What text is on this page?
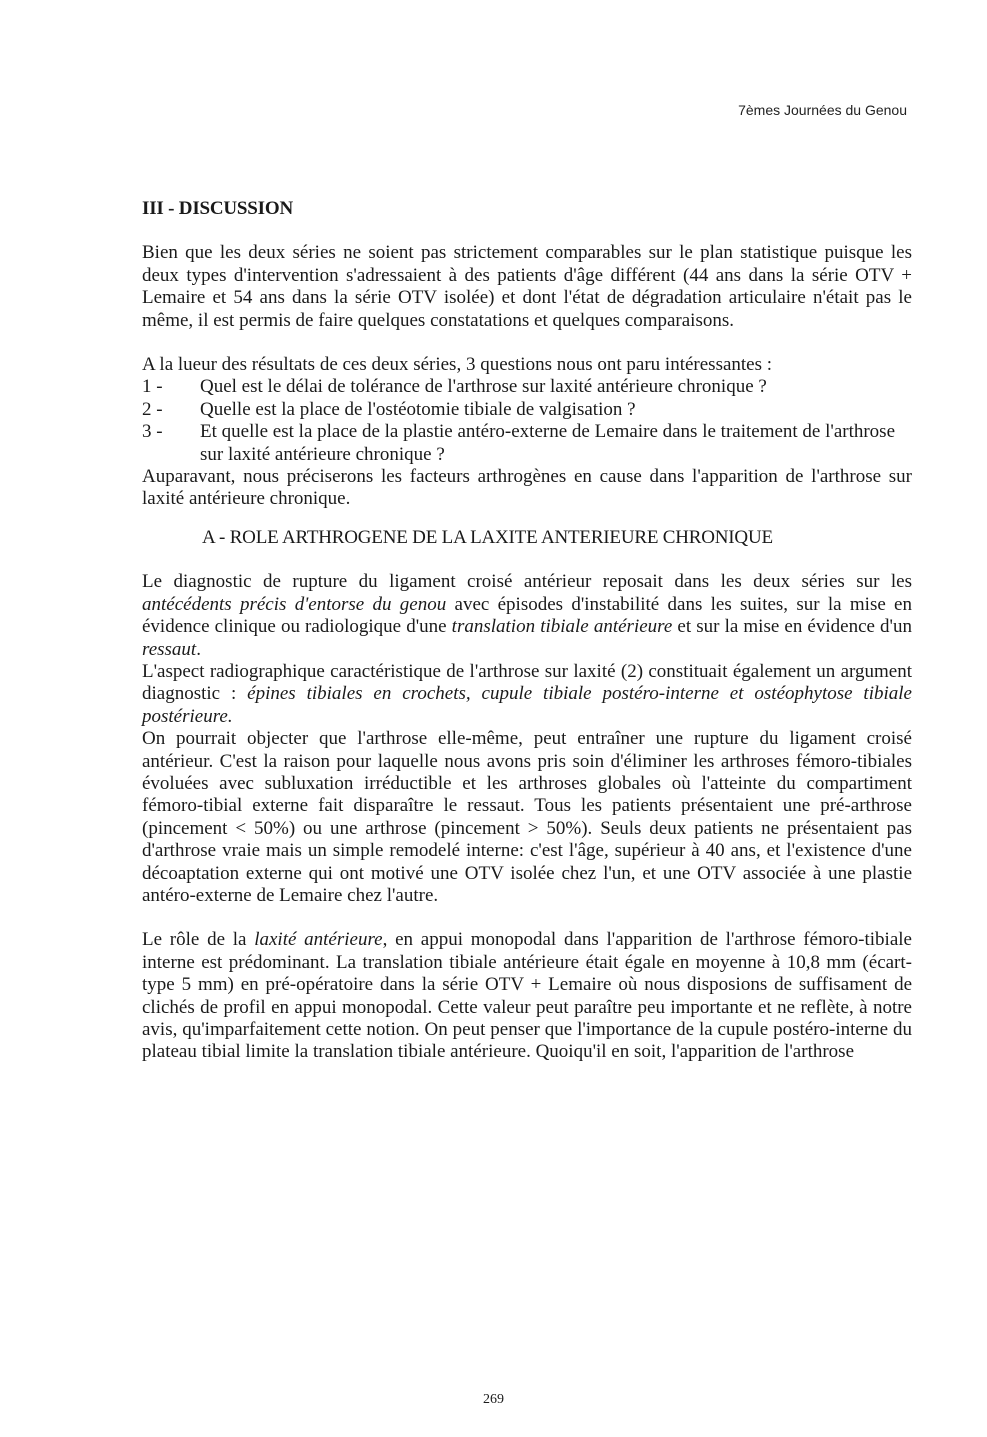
7èmes Journées du Genou
III - DISCUSSION

Bien que les deux séries ne soient pas strictement comparables sur le plan statistique puisque les deux types d'intervention s'adressaient à des patients d'âge différent (44 ans dans la série OTV + Lemaire et 54 ans dans la série OTV isolée) et dont l'état de dégradation articulaire n'était pas le même, il est permis de faire quelques constatations et quelques comparaisons.

A la lueur des résultats de ces deux séries, 3 questions nous ont paru intéressantes :

1 -	Quel est le délai de tolérance de l'arthrose sur laxité antérieure chronique ?
2 -	Quelle est la place de l'ostéotomie tibiale de valgisation ?
3 -	Et quelle est la place de la plastie antéro-externe de Lemaire dans le traitement de l'arthrose sur laxité antérieure chronique ?

Auparavant, nous préciserons les facteurs arthrogènes en cause dans l'apparition de l'arthrose sur laxité antérieure chronique.

A - ROLE ARTHROGENE DE LA LAXITE ANTERIEURE CHRONIQUE

Le diagnostic de rupture du ligament croisé antérieur reposait dans les deux séries sur les antécédents précis d'entorse du genou avec épisodes d'instabilité dans les suites, sur la mise en évidence clinique ou radiologique d'une translation tibiale antérieure et sur la mise en évidence d'un ressaut.

L'aspect radiographique caractéristique de l'arthrose sur laxité (2) constituait également un argument diagnostic : épines tibiales en crochets, cupule tibiale postéro-interne et ostéophytose tibiale postérieure.

On pourrait objecter que l'arthrose elle-même, peut entraîner une rupture du ligament croisé antérieur. C'est la raison pour laquelle nous avons pris soin d'éliminer les arthroses fémoro-tibiales évoluées avec subluxation irréductible et les arthroses globales où l'atteinte du compartiment fémoro-tibial externe fait disparaître le ressaut. Tous les patients présentaient une pré-arthrose (pincement < 50%) ou une arthrose (pincement > 50%). Seuls deux patients ne présentaient pas d'arthrose vraie mais un simple remodelé interne: c'est l'âge, supérieur à 40 ans, et l'existence d'une décoaptation externe qui ont motivé une OTV isolée chez l'un, et une OTV associée à une plastie antéro-externe de Lemaire chez l'autre.

Le rôle de la laxité antérieure, en appui monopodal dans l'apparition de l'arthrose fémoro-tibiale interne est prédominant. La translation tibiale antérieure était égale en moyenne à 10,8 mm (écart-type 5 mm) en pré-opératoire dans la série OTV + Lemaire où nous disposions de suffisament de clichés de profil en appui monopodal. Cette valeur peut paraître peu importante et ne reflète, à notre avis, qu'imparfaitement cette notion. On peut penser que l'importance de la cupule postéro-interne du plateau tibial limite la translation tibiale antérieure. Quoiqu'il en soit, l'apparition de l'arthrose

269
